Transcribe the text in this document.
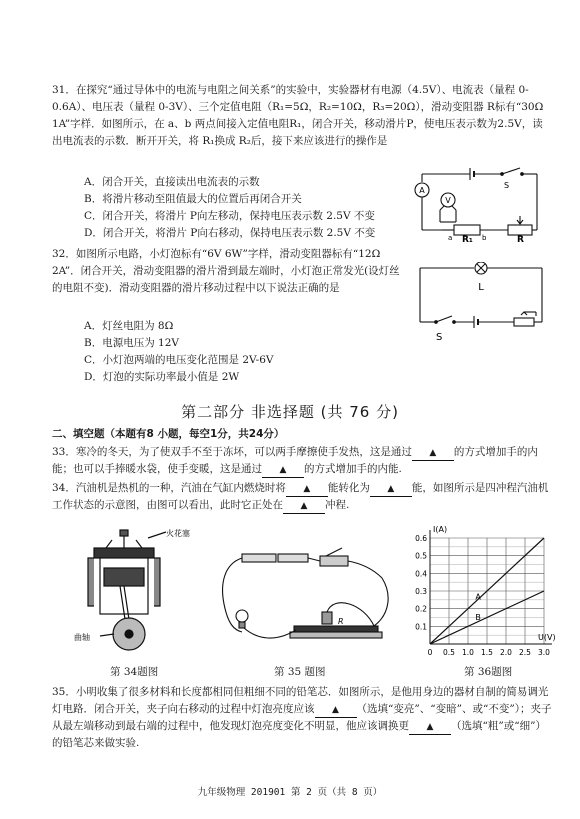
31．在探究“通过导体中的电流与电阻之间关系”的实验中，实验器材有电源（4.5V）、电流表（量程 0-0.6A）、电压表（量程 0-3V）、三个定值电阻（R₁=5Ω，R₂=10Ω，R₃=20Ω），滑动变阻器 R标有“30Ω 1A”字样．如图所示，在 a、b 两点间接入定值电阻R₁，闭合开关，移动滑片P，使电压表示数为2.5V，读出电流表的示数．断开开关，将 R₁换成 R₂后，接下来应该进行的操作是
A．闭合开关，直接读出电流表的示数
B．将滑片移动至阻值最大的位置后再闭合开关
C．闭合开关，将滑片 P向左移动，保持电压表示数 2.5V 不变
D．闭合开关，将滑片 P向右移动，保持电压表示数 2.5V 不变
A
V
S
a	b
R₁	R
32．如图所示电路，小灯泡标有“6V 6W”字样，滑动变阻器标有“12Ω 2A”．闭合开关，滑动变阻器的滑片滑到最左端时，小灯泡正常发光(设灯丝的电阻不变)．滑动变阻器的滑片移动过程中以下说法正确的是
A．灯丝电阻为 8Ω
B．电源电压为 12V
C．小灯泡两端的电压变化范围是 2V-6V
D．灯泡的实际功率最小值是 2W
L
S
第二部分 非选择题 (共 76 分)
二、填空题（本题有8 小题，每空1分，共24分）
33．寒冷的冬天，为了使双手不至于冻坏，可以两手摩擦使手发热，这是通过 ▲ 的方式增加手的内能；也可以手捧暖水袋，使手变暖，这是通过 ▲ 的方式增加手的内能.
34．汽油机是热机的一种，汽油在气缸内燃烧时将 ▲ 能转化为 ▲ 能，如图所示是四冲程汽油机工作状态的示意图，由图可以看出，此时它正处在 ▲ 冲程.
火花塞
曲轴
R
I(A)
U(V)
0 0.5 1.0 1.5 2.0 2.5 3.0
0.1
0.2
0.3
0.4
0.5
0.6
A
B
第 34题图	第 35 题图	第 36题图
35．小明收集了很多材料和长度都相同但粗细不同的铅笔芯．如图所示，是他用身边的器材自制的简易调光灯电路．闭合开关，夹子向右移动的过程中灯泡亮度应该 ▲ （选填“变亮”、“变暗”、或“不变”）；夹子从最左端移动到最右端的过程中，他发现灯泡亮度变化不明显，他应该调换更 ▲ （选填“粗”或“细”）的铅笔芯来做实验.
九年级物理 201901 第 2 页（共 8 页）
